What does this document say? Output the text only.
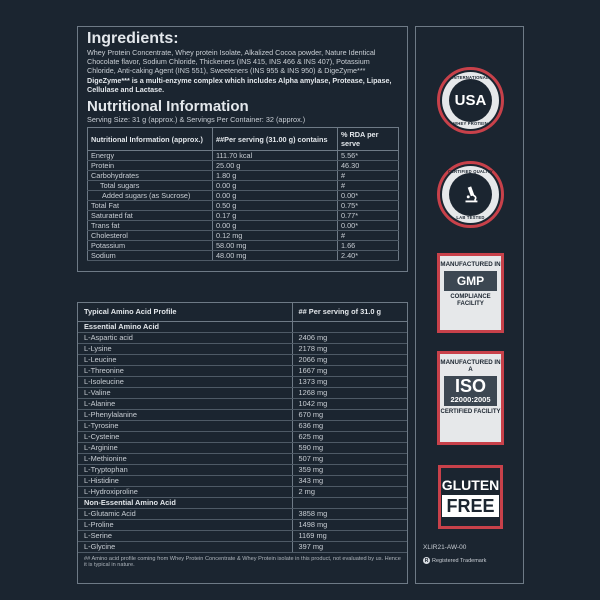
Ingredients:
Whey Protein Concentrate, Whey protein Isolate, Alkalized Cocoa powder, Nature Identical Chocolate flavor, Sodium Chloride, Thickeners (INS 415, INS 466 & INS 407), Potassium Chloride, Anti-caking Agent (INS 551), Sweeteners (INS 955 & INS 950) & DigeZyme*** DigeZyme*** is a multi-enzyme complex which includes Alpha amylase, Protease, Lipase, Cellulase and Lactase.
Nutritional Information
Serving Size: 31 g (approx.) & Servings Per Container: 32 (approx.)
Nutritional Information (approx.)	##Per serving (31.00 g) contains	% RDA per serve
Energy	111.70 kcal	5.56*
Protein	25.00 g	46.30
Carbohydrates	1.80 g	#
Total sugars	0.00 g	#
Added sugars (as Sucrose)	0.00 g	0.00*
Total Fat	0.50 g	0.75*
Saturated fat	0.17 g	0.77*
Trans fat	0.00 g	0.00*
Cholesterol	0.12 mg	#
Potassium	58.00 mg	1.66
Sodium	48.00 mg	2.40*
Typical Amino Acid Profile	## Per serving of 31.0 g
Essential Amino Acid	
L-Aspartic acid	2406 mg
L-Lysine	2178 mg
L-Leucine	2066 mg
L-Threonine	1667 mg
L-Isoleucine	1373 mg
L-Valine	1268 mg
L-Alanine	1042 mg
L-Phenylalanine	670 mg
L-Tyrosine	636 mg
L-Cysteine	625 mg
L-Arginine	590 mg
L-Methionine	507 mg
L-Tryptophan	359 mg
L-Histidine	343 mg
L-Hydroxiproline	2 mg
Non-Essential Amino Acid	
L-Glutamic Acid	3858 mg
L-Proline	1498 mg
L-Serine	1169 mg
L-Glycine	397 mg
## Amino acid profile coming from Whey Protein Concentrate & Whey Protein isolate in this product, not evaluated by us. Hence it is typical in nature.
INTERNATIONAL QUALITY
USA
WHEY PROTEIN
CERTIFIED QUALITY
LAB TESTED
MANUFACTURED IN
GMP
COMPLIANCE FACILITY
MANUFACTURED IN A
ISO
22000:2005
CERTIFIED FACILITY
GLUTEN
FREE
XLIR21-AW-00
R Registered Trademark
